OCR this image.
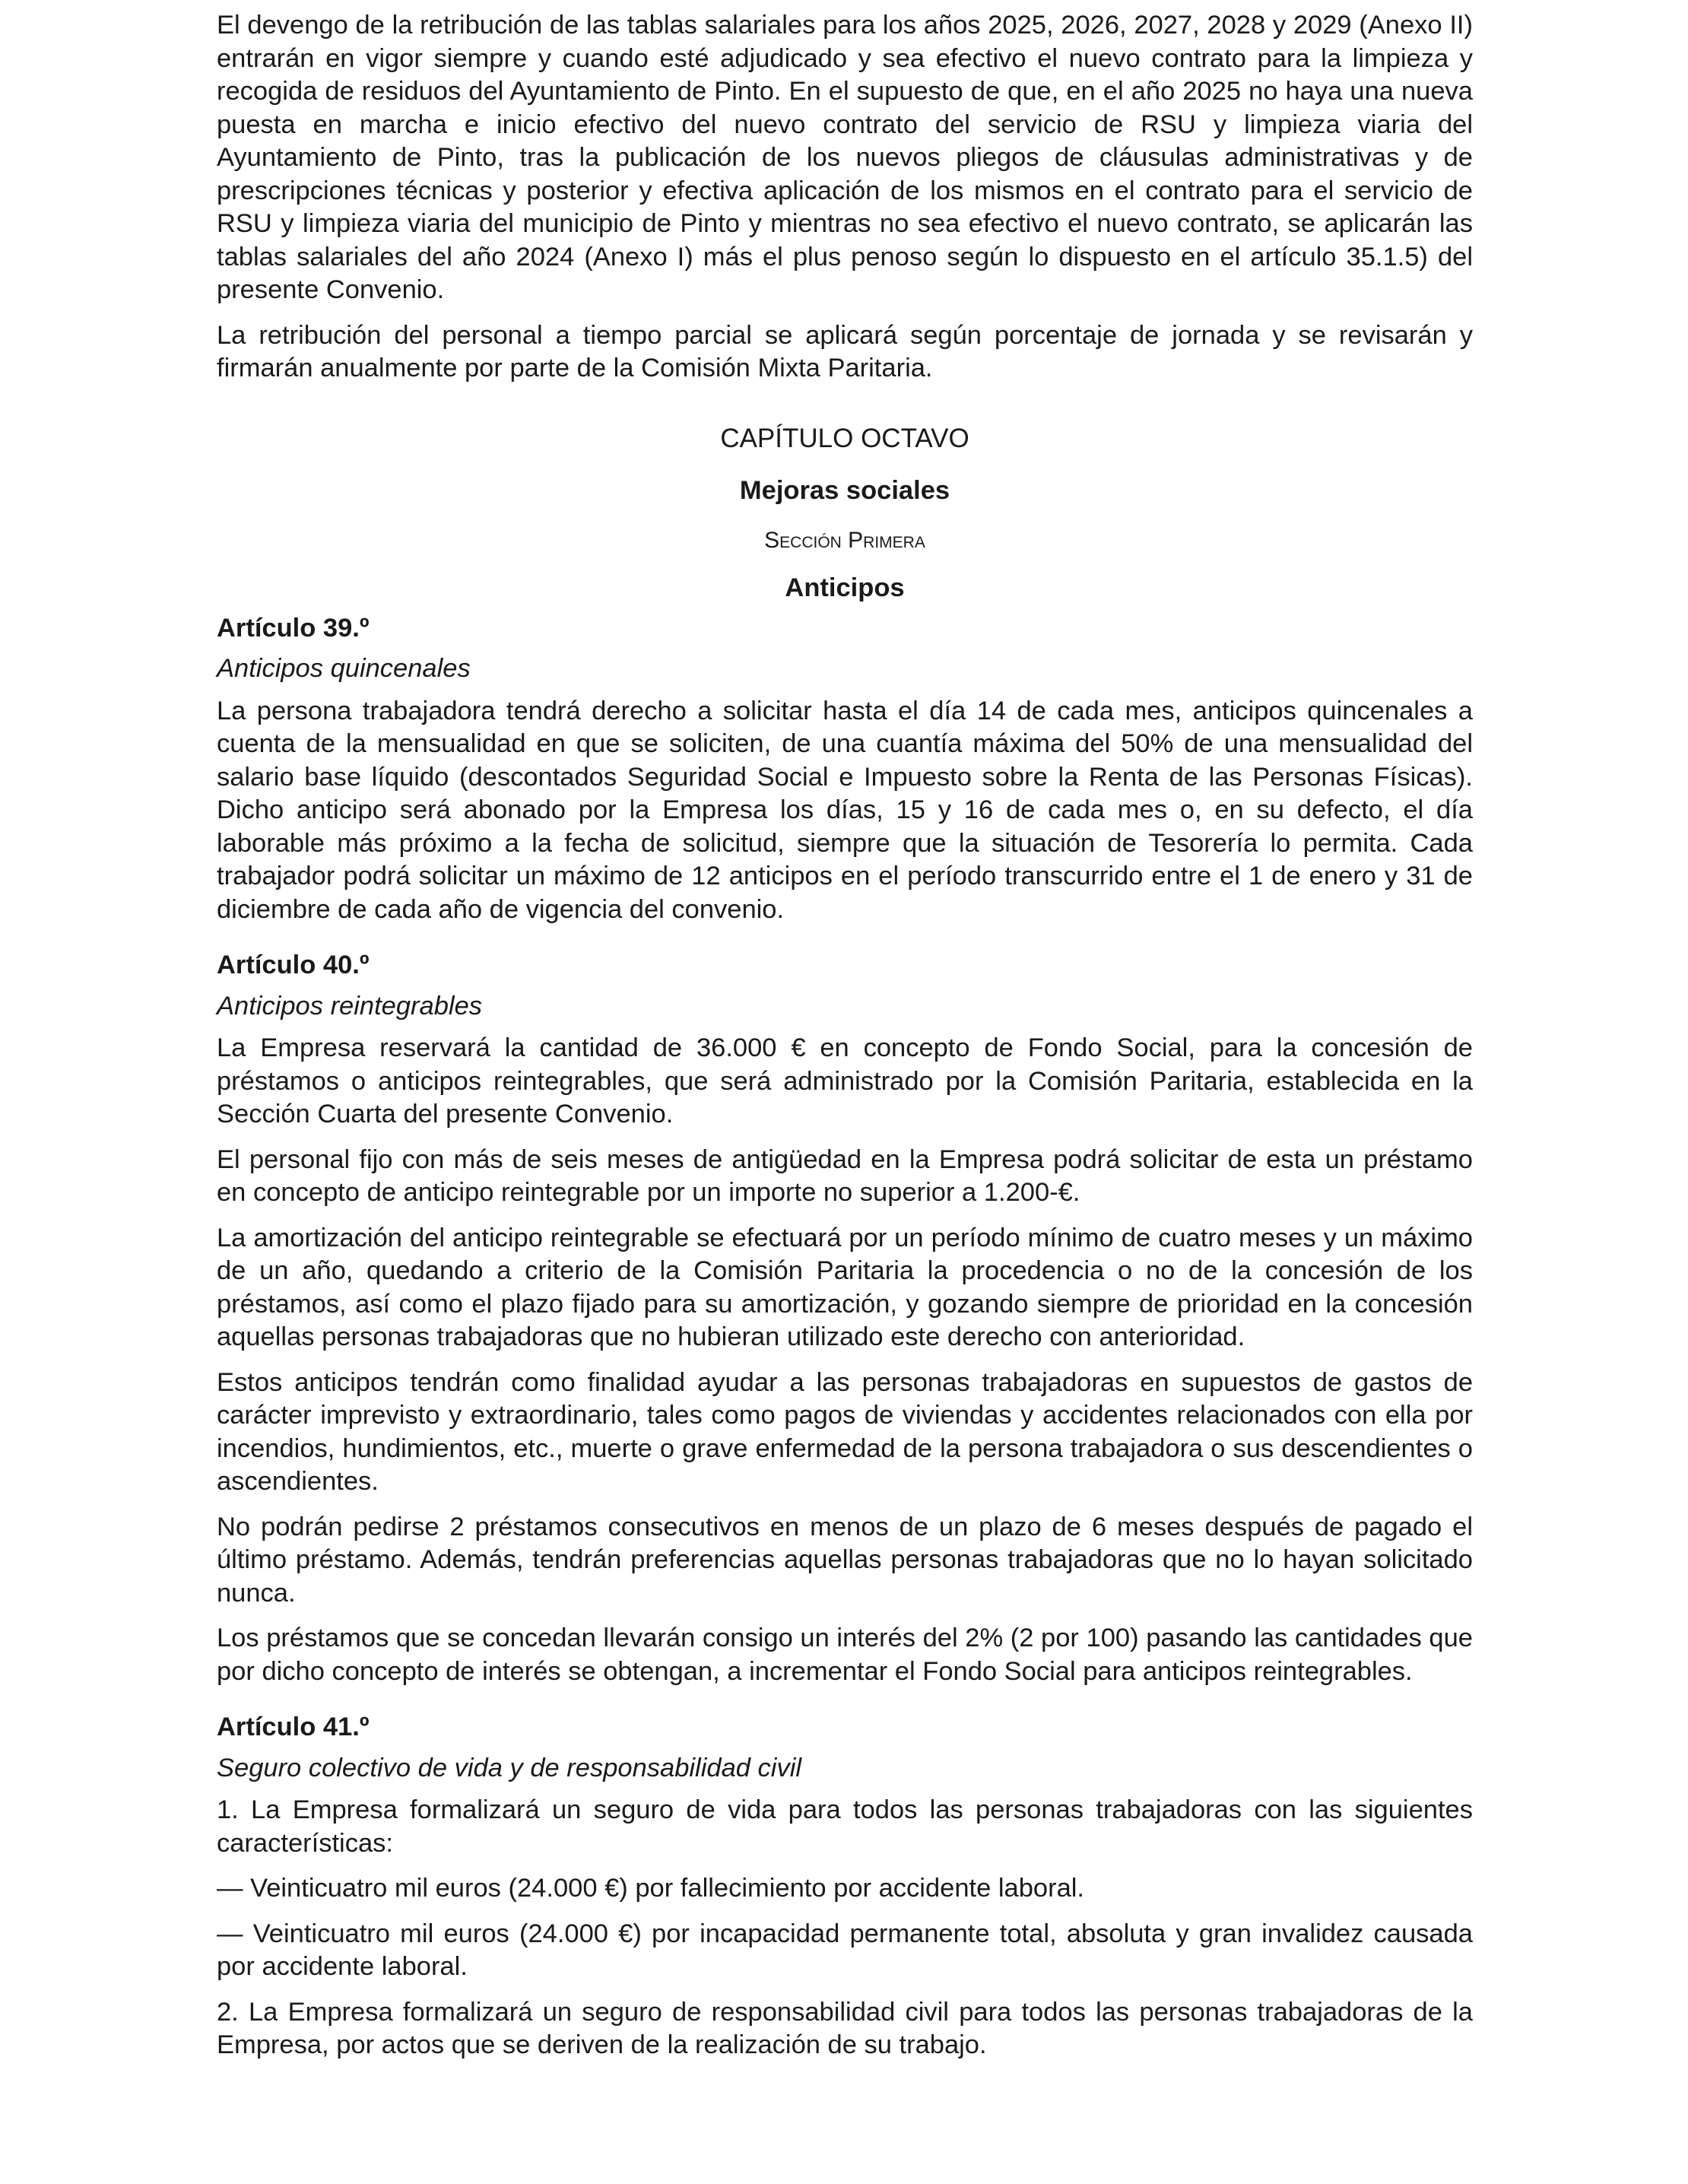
El devengo de la retribución de las tablas salariales para los años 2025, 2026, 2027, 2028 y 2029 (Anexo II) entrarán en vigor siempre y cuando esté adjudicado y sea efectivo el nuevo contrato para la limpieza y recogida de residuos del Ayuntamiento de Pinto. En el supuesto de que, en el año 2025 no haya una nueva puesta en marcha e inicio efectivo del nuevo contrato del servicio de RSU y limpieza viaria del Ayuntamiento de Pinto, tras la publicación de los nuevos pliegos de cláusulas administrativas y de prescripciones técnicas y posterior y efectiva aplicación de los mismos en el contrato para el servicio de RSU y limpieza viaria del municipio de Pinto y mientras no sea efectivo el nuevo contrato, se aplicarán las tablas salariales del año 2024 (Anexo I) más el plus penoso según lo dispuesto en el artículo 35.1.5) del presente Convenio.

La retribución del personal a tiempo parcial se aplicará según porcentaje de jornada y se revisarán y firmarán anualmente por parte de la Comisión Mixta Paritaria.

CAPÍTULO OCTAVO

Mejoras sociales

Sección Primera

Anticipos

Artículo 39.º

Anticipos quincenales

La persona trabajadora tendrá derecho a solicitar hasta el día 14 de cada mes, anticipos quincenales a cuenta de la mensualidad en que se soliciten, de una cuantía máxima del 50% de una mensualidad del salario base líquido (descontados Seguridad Social e Impuesto sobre la Renta de las Personas Físicas). Dicho anticipo será abonado por la Empresa los días, 15 y 16 de cada mes o, en su defecto, el día laborable más próximo a la fecha de solicitud, siempre que la situación de Tesorería lo permita. Cada trabajador podrá solicitar un máximo de 12 anticipos en el período transcurrido entre el 1 de enero y 31 de diciembre de cada año de vigencia del convenio.

Artículo 40.º

Anticipos reintegrables

La Empresa reservará la cantidad de 36.000 € en concepto de Fondo Social, para la concesión de préstamos o anticipos reintegrables, que será administrado por la Comisión Paritaria, establecida en la Sección Cuarta del presente Convenio.

El personal fijo con más de seis meses de antigüedad en la Empresa podrá solicitar de esta un préstamo en concepto de anticipo reintegrable por un importe no superior a 1.200-€.

La amortización del anticipo reintegrable se efectuará por un período mínimo de cuatro meses y un máximo de un año, quedando a criterio de la Comisión Paritaria la procedencia o no de la concesión de los préstamos, así como el plazo fijado para su amortización, y gozando siempre de prioridad en la concesión aquellas personas trabajadoras que no hubieran utilizado este derecho con anterioridad.

Estos anticipos tendrán como finalidad ayudar a las personas trabajadoras en supuestos de gastos de carácter imprevisto y extraordinario, tales como pagos de viviendas y accidentes relacionados con ella por incendios, hundimientos, etc., muerte o grave enfermedad de la persona trabajadora o sus descendientes o ascendientes.

No podrán pedirse 2 préstamos consecutivos en menos de un plazo de 6 meses después de pagado el último préstamo. Además, tendrán preferencias aquellas personas trabajadoras que no lo hayan solicitado nunca.

Los préstamos que se concedan llevarán consigo un interés del 2% (2 por 100) pasando las cantidades que por dicho concepto de interés se obtengan, a incrementar el Fondo Social para anticipos reintegrables.

Artículo 41.º

Seguro colectivo de vida y de responsabilidad civil

1. La Empresa formalizará un seguro de vida para todos las personas trabajadoras con las siguientes características:

— Veinticuatro mil euros (24.000 €) por fallecimiento por accidente laboral.

— Veinticuatro mil euros (24.000 €) por incapacidad permanente total, absoluta y gran invalidez causada por accidente laboral.

2. La Empresa formalizará un seguro de responsabilidad civil para todos las personas trabajadoras de la Empresa, por actos que se deriven de la realización de su trabajo.
